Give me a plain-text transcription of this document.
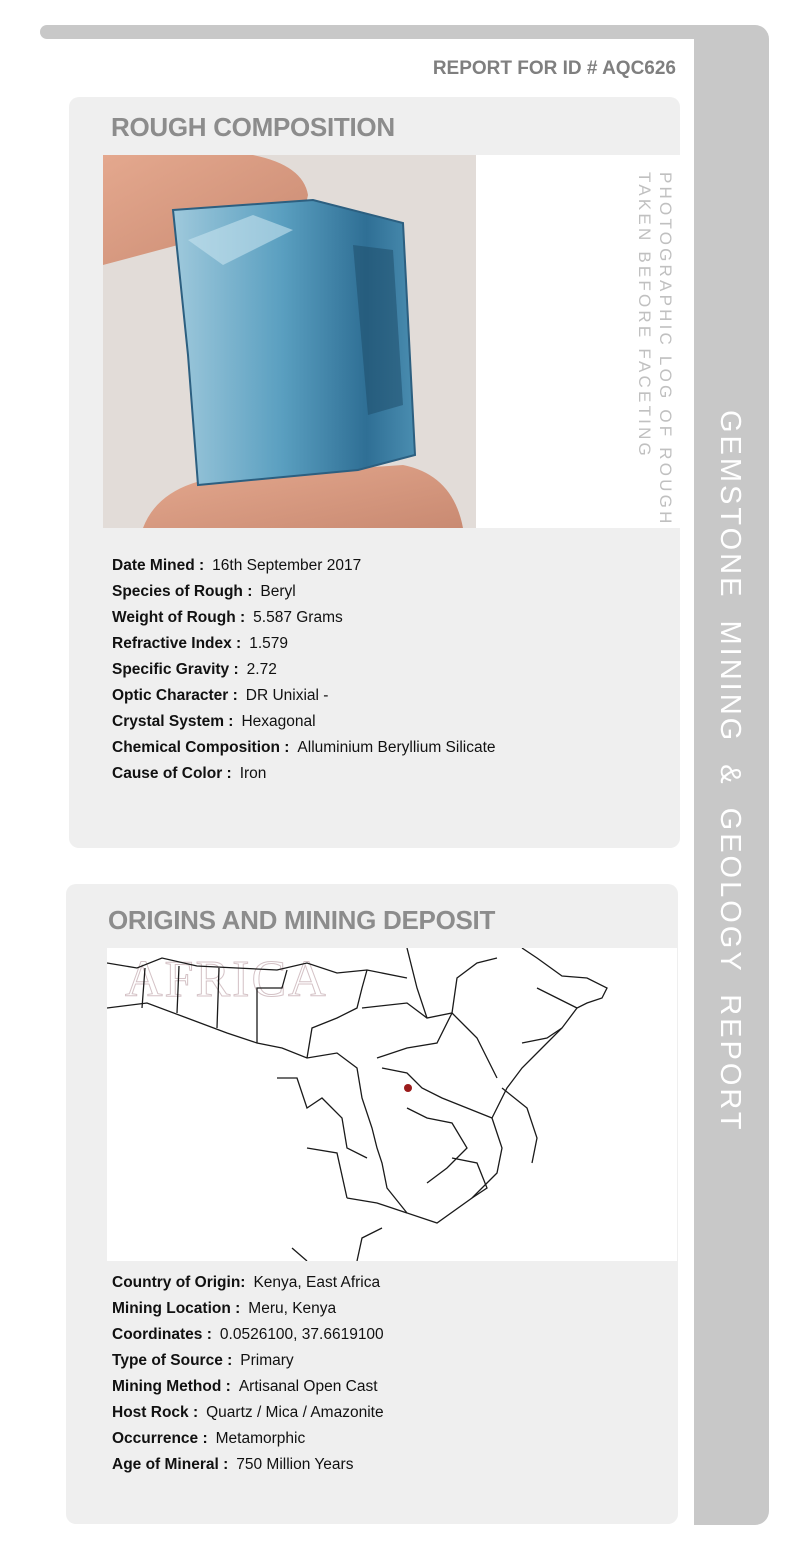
GEMSTONE MINING & GEOLOGY REPORT
REPORT FOR ID # AQC626
ROUGH COMPOSITION
PHOTOGRAPHIC LOG OF ROUGH
TAKEN BEFORE FACETING
Date Mined : 16th September 2017
Species of Rough : Beryl
Weight of Rough : 5.587 Grams
Refractive Index : 1.579
Specific Gravity : 2.72
Optic Character : DR Unixial -
Crystal System : Hexagonal
Chemical Composition : Alluminium Beryllium Silicate
Cause of Color : Iron
ORIGINS AND MINING DEPOSIT
AFRICA
Country of Origin: Kenya, East Africa
Mining Location : Meru, Kenya
Coordinates : 0.0526100, 37.6619100
Type of Source : Primary
Mining Method : Artisanal Open Cast
Host Rock : Quartz / Mica / Amazonite
Occurrence : Metamorphic
Age of Mineral : 750 Million Years
